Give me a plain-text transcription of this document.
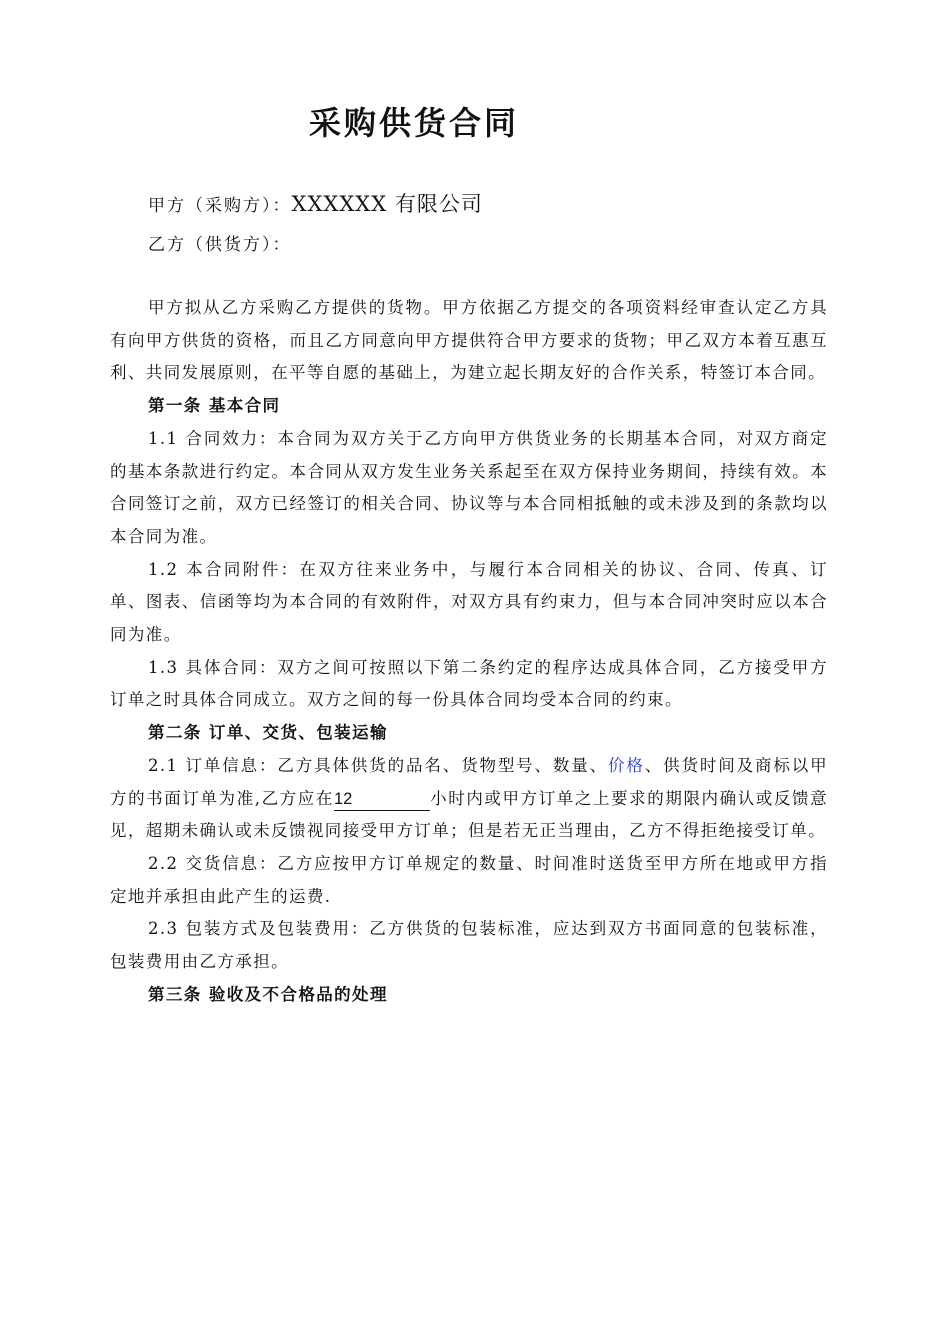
采购供货合同
甲方（采购方）：XXXXXX 有限公司
乙方（供货方）：

甲方拟从乙方采购乙方提供的货物。甲方依据乙方提交的各项资料经审查认定乙方具有向甲方供货的资格，而且乙方同意向甲方提供符合甲方要求的货物；甲乙双方本着互惠互利、共同发展原则，在平等自愿的基础上，为建立起长期友好的合作关系，特签订本合同。

第一条 基本合同

1.1 合同效力：本合同为双方关于乙方向甲方供货业务的长期基本合同，对双方商定的基本条款进行约定。本合同从双方发生业务关系起至在双方保持业务期间，持续有效。本合同签订之前，双方已经签订的相关合同、协议等与本合同相抵触的或未涉及到的条款均以本合同为准。

1.2 本合同附件：在双方往来业务中，与履行本合同相关的协议、合同、传真、订单、图表、信函等均为本合同的有效附件，对双方具有约束力，但与本合同冲突时应以本合同为准。

1.3 具体合同：双方之间可按照以下第二条约定的程序达成具体合同，乙方接受甲方订单之时具体合同成立。双方之间的每一份具体合同均受本合同的约束。

第二条 订单、交货、包装运输

2.1 订单信息：乙方具体供货的品名、货物型号、数量、价格、供货时间及商标以甲方的书面订单为准,乙方应在12	小时内或甲方订单之上要求的期限内确认或反馈意见，超期未确认或未反馈视同接受甲方订单；但是若无正当理由，乙方不得拒绝接受订单。

2.2 交货信息：乙方应按甲方订单规定的数量、时间准时送货至甲方所在地或甲方指定地并承担由此产生的运费.

2.3 包装方式及包装费用：乙方供货的包装标准，应达到双方书面同意的包装标准，包装费用由乙方承担。

第三条 验收及不合格品的处理
